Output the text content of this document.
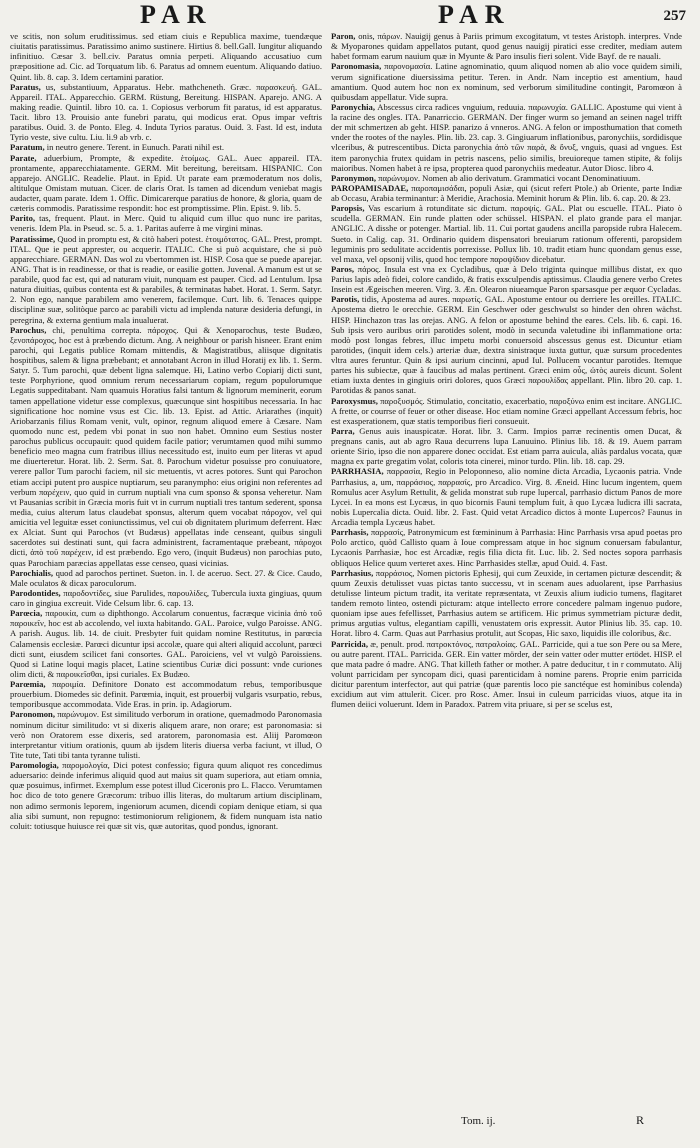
PAR	PAR	257

ve scitis, non solum eruditissimus. sed etiam ciuis e Republica maxime, tuendæque ciuitatis paratissimus. Paratissimo animo sustinere. Hirtius 8. bell.Gall. Iungitur aliquando infinitiuo. Cæsar 3. bell.civ. Paratus omnia perpeti. Aliquando accusatiuo cum præpositione ad. Cic. ad Torquatum lib. 6. Paratus ad omnem euentum. Aliquando datiuo. Quint. lib. 8. cap. 3. Idem certamini paratior.

Paratus, us, substantiuum, Apparatus. Hebr. mathcheneth. Græc. παρασκευή. GAL. Appareil. ITAL. Apparecchio. GERM. Rüstung, Bereitung. HISPAN. Aparejo. ANG. A making readie. Quintil. libro 10. ca. 1. Copiosus verborum fit paratus, id est apparatus. Tacit. libro 13. Prouisio ante funebri paratu, qui modicus erat. Opus impar veftris paratibus. Ouid. 3. de Ponto. Eleg. 4. Induta Tyrios paratus. Ouid. 3. Fast. Id est, induta Tyrio veste, sive cultu. Liu. li.9 ab vrb. c.

Paratum, in neutro genere. Terent. in Eunuch. Parati nihil est.

Parate, aduerbium, Prompte, & expedite. ἑτοίμως. GAL. Auec appareil. ITA. prontamente, apparecchiatamente. GERM. Mit bereitung, bereitsam. HISPANIC. Con apparejo. ANGLIC. Readelie. Plaut. in Epid. Ut parate eam præmoderatum nos dolis, altitulque Omistam mutuan. Cicer. de claris Orat. Is tamen ad dicendum veniebat magis audacter, quam parate. Idem 1. Offic. Dimicarerque paratius de honore, & gloria, quam de cæteris commodis. Paratissime respondit: hoc est promptissime. Plin. Epist. 9. lib. 5.

Parito, tas, frequent. Plaut. in Merc. Quid tu aliquid cum illuc quo nunc ire paritas, veneris. Idem Pla. in Pseud. sc. 5. a. 1. Paritas auferre à me virgini minas.

Paratissime, Quod in promptu est, & citò haberi potest. ἑτοιμότατος. GAL. Prest, prompt. ITAL. Que ie peut apprester, ou acquerir. ITALIC. Che si può acquistare, che si può apparecchiare. GERMAN. Das wol zu vbertommen ist. HISP. Cosa que se puede aparejar. ANG. That is in readinesse, or that is readie, or easilie gotten. Juvenal. A manum est ut se parabile, quod fac est, qui ad naturam viuit, nunquam est pauper. Cicd. ad Lentulum. Ipsa natura diuitias, quibus contenta est & parabiles, & terminatas habet. Horat. 1. Serm. Satyr. 2. Non ego, nanque parabilem amo venerem, facilemque. Curt. lib. 6. Tenaces quippe disciplinæ suæ, solitòque parco ac parabili victu ad implenda naturæ desideria defungi, in peregrina, & externa gentium mala inualuerat.

Parochus, chi, penultima correpta. πάροχος. Qui & Xenoparochus, teste Budæo, ξενοπάροχος, hoc est à præbendo dictum. Ang. A neighbour or parish hisneer. Erant enim parochi, qui Legatis publice Romam mittendis, & Magistratibus, aliisque dignitatis hospitibus, salem & ligna præbebant; et annotabant Acron in illud Horatij ex lib. 1. Serm. Satyr. 5. Tum parochi, quæ debent ligna salemque. Hi, Latino verbo Copiarij dicti sunt, teste Porphyrione, quod omnium rerum necessariarum copiam, regum populorumque Legatis suppeditabant. Nam quamuis Horatius falsi tantum & lignorum meminerit, eorum tamen appellatione videtur esse complexus, quæcunque sint hospitibus necessaria. In hac significatione hoc nomine vsus est Cic. lib. 13. Epist. ad Attic. Ariarathes (inquit) Ariobarzanis filius Romam venit, vult, opinor, regnum aliquod emere à Cæsare. Nam quomodo nunc est, pedem vbi ponat in suo non habet. Omnino eum Sestius noster parochus publicus occupauit: quod quidem facile patior; verumtamen quod mihi summo beneficio meo magna cum fratribus illius necessitudo est, inuito eum per literas vt apud me diuerteretur. Horat. lib. 2. Serm. Sat. 8. Parochum videtur posuisse pro conuiuatore, verere pallor Tum parochi faciem, nil sic metuentis, vt acres potores. Sunt qui Parochon etiam accipi putent pro auspice nuptiarum, seu paranympho: eius origini non referentes ad verbum παρέχειν, quo quid in currum nuptiali vna cum sponso & sponsa veheretur. Nam vt Pausanias scribit in Græcia moris fuit vt in currum nuptiali tres tantum sederent, sponsa media, cuius alterum latus claudebat sponsus, alterum quem vocabat πάροχον, vel qui amicitia vel leguitæ esset coniunctissimus, vel cui ob dignitatem plurimum deferrent. Hæc ex Alciat. Sunt qui Parochos (vt Budæus) appellatas inde censeant, quibus singuli sacerdotes sui destinati sunt, qui facra administrent, facramentaque præbeant, πάροχοι dicti, ἀπὸ τοῦ παρέχειν, id est præbendo. Ego vero, (inquit Budæus) non parochias puto, quas Parochiam paræcias appellatas esse censeo, quasi vicinias.

Parochialis, quod ad parochos pertinet. Sueton. in. l. de aceruo. Sect. 27. & Cice. Caudo, Male oculatos & dicax paroculorum.

Parodontides, παροδοντίδες, siue Parulides, παρουλίδες, Tubercula iuxta gingiuas, quum caro in gingiua excreuit. Vide Celsum libr. 6. cap. 13.

Parœcia, παροικία, cum ω diphthongo. Accolarum conuentus, facræque vicinia ἀπὸ τοῦ παροικεῖν, hoc est ab accolendo, vel iuxta habitando. GAL. Paroice, vulgo Paroisse. ANG. A parish. Augus. lib. 14. de ciuit. Presbyter fuit quidam nomine Restitutus, in parœcia Calamensis ecclesiæ. Parœci dicuntur ipsi accolæ, quare qui alteri aliquid accolunt, parœci dicti sunt, eiusdem scilicet fani consortes. GAL. Paroiciens, vel vt vulgò Paroissiens. Quod si Latine loqui magis placet, Latine scientibus Curiæ dici possunt: vnde curiones olim dicti, & παροικεῖσθαι, ipsi curiales. Ex Budæo.

Parœmia, παροιμία. Definitore Donato est accommodatum rebus, temporibusque prouerbium. Diomedes sic definit. Parœmia, inquit, est prouerbij vulgaris vsurpatio, rebus, temporibusque accommodata. Vide Eras. in prin. ip. Adagiorum.

Paronomon, παρώνυμον. Est similitudo verborum in oratione, quemadmodo Paronomasia nominum dicitur similitudo: vt si dixeris aliquem arare, non orare; est paronomasia: si verò non Oratorem esse dixeris, sed aratorem, paronomasia est. Aliij Paromœon interpretantur vitium orationis, quum ab ijsdem literis diuersa verba faciunt, vt illud, O Tite tute, Tati tibi tanta tyranne tulisti.

Paromologia, παρομολογία, Dici potest confessio; figura quum aliquot res concedimus aduersario: deinde inferimus aliquid quod aut maius sit quam superiora, aut etiam omnia, quæ posuimus, infirmet. Exemplum esse potest illud Ciceronis pro L. Flacco. Verumtamen hoc dico de toto genere Græcorum: tribuo illis literas, do multarum artium disciplinam, non adimo sermonis leporem, ingeniorum acumen, dicendi copiam denique etiam, si qua alia sibi sumunt, non repugno: testimoniorum religionem, & fidem nunquam ista natio coluit: totiusque huiusce rei quæ sit vis, quæ autoritas, quod pondus, ignorant.

Paron, onis, πάρων. Nauigij genus à Pariis primum excogitatum, vt testes Aristoph. interpres. Vnde & Myoparones quidam appellatos putant, quod genus nauigij piratici esse crediter, mediam autem habet formam earum nauium quæ in Myunte & Paro insulis fieri solent. Vide Bayf. de re nauali.

Paronomasia, παρονομασία. Latine agnominatio, quum aliquod nomen ab alio voce quidem simili, verum significatione diuersissima petitur. Teren. in Andr. Nam inceptio est amentium, haud amantium. Quod autem hoc non ex nominum, sed verborum similitudine contingit, Paromœon à quibusdam appellatur. Vide supra.

Paronychia, Abscessus circa radices vnguium, reduuia. παρωνυχία. GALLIC. Apostume qui vient à la racine des ongles. ITA. Panarriccio. GERMAN. Der finger wurm so jemand an seinen nagel trifft der mit schmertzen ab geht. HISP. panarizo á vnneros. ANG. A felon or imposthumation that cometh vnder the rootes of the nayles. Plin. lib. 23. cap. 3. Gingiuarum inflationibus, paronychiis, sordidisque vlceribus, & putrescentibus. Dicta paronychia ἀπὸ τῶν παρὰ, & ὄνυξ, vnguis, quasi ad vngues. Est item paronychia frutex quidam in petris nascens, pelio similis, breuioreque tamen stipite, & folijs maioribus. Nomen habet à re ipsa, propterea quod paronychiis medeatur. Autor Diosc. libro 4.

Paronymon, παρώνυμον. Nomen ab alio derivatum. Grammatici vocant Denominatiuum.

PAROPAMISADAE, παροπαμισάδαι, populi Asiæ, qui (sicut refert Ptole.) ab Oriente, parte Indiæ ab Occasu, Arabia terminantur: à Meridie, Arachosia. Meminit horum & Plin. lib. 6. cap. 20. & 23.

Paropsis, Vas escarium à rotunditate sic dictum. παροψίς. GAL. Plat ou escuelle. ITAL. Piato ò scudella. GERMAN. Ein runde platten oder schüssel. HISPAN. el plato grande para el manjar. ANGLIC. A disshe or potenger. Martial. lib. 11. Cui portat gaudens ancilla paropside rubra Halecem. Sueto. in Calig. cap. 31. Ordinario quidem dispensatori breuiarum rationum offerenti, paropsidem leguminis pro sedulitate accidentis porrexisse. Pollux lib. 10. tradit etiam hunc quondam genus esse, vel maxa, vel opsonij vilis, quod hoc tempore παροψίδιον dicebatur.

Paros, πάρος. Insula est vna ex Cycladibus, quæ à Delo triginta quinque millibus distat, ex quo Parius lapis adeò fidei, colore candido, & fratis exsculpendis aptissimus. Claudia genere verbo Cretes Insein est Ægeischen meeren. Virg. 3. Æn. Olearon niueamque Paron sparsasque per æquor Cycladas.

Parotis, tidis, Apostema ad aures. παρωτίς. GAL. Apostume entour ou derriere les oreilles. ITALIC. Apostema dietro le orecchie. GERM. Ein Geschwer oder geschwulst so hinder den ohren wächst. HISP. Hinchazon tras las orejas. ANG. A felon or apostume behind the eares. Cels. lib. 6. capi. 16. Sub ipsis vero auribus oriri parotides solent, modò in secunda valetudine ibi inflammatione orta: modò post longas febres, illuc impetu morbi conuersoid abscessus genus est. Dicuntur etiam parotides, (inquit idem cels.) arteriæ duæ, dextra sinistraque iuxta guttur, quæ sursum procedentes vltra aures feruntur. Quin & ipsi aurium cincinni, apud Iul. Pollucem vocantur parotides. Itemque partes his subiectæ, quæ à faucibus ad malas pertinent. Græci enim οὖς, ὠτὸς aureis dicunt. Solent etiam iuxta dentes in gingiuis oriri dolores, quos Græci παρουλίδας appellant. Plin. libro 20. cap. 1. Parotidas & panos sanat.

Paroxysmus, παροξυσμός. Stimulatio, concitatio, exacerbatio, παροξύνω enim est incitare. ANGLIC. A frette, or courrse of feuer or other disease. Hoc etiam nomine Græci appellant Accessum febris, hoc est exasperationem, quæ statis temporibus fieri consueuit.

Parra, Genus auis inauspicatæ. Horat. libr. 3. Carm. Impios parræ recinentis omen Ducat, & pregnans canis, aut ab agro Raua decurrens lupa Lanuuino. Plinius lib. 18. & 19. Auem parram oriente Sirio, ipso die non apparere donec occidat. Est etiam parra auicula, aliàs pardalus vocata, quæ magna ex parte gregatim volat, coloris tota cinerei, minor turdo. Plin. lib. 18. cap. 29.

PARRHASIA, παρρασία, Regio in Peloponneso, alio nomine dicta Arcadia, Lycaonis patria. Vnde Parrhasius, a, um, παρράσιος, παρρασίς, pro Arcadico. Virg. 8. Æneid. Hinc lucum ingentem, quem Romulus acer Asylum Rettulit, & gelida monstrat sub rupe lupercal, parrhasio dictum Panos de more Lycei. In ea mons est Lycæus, in quo bicornis Fauni templum fuit, à quo Lycæa ludicra illi sacrata, nobis Lupercalia dicta. Ouid. libr. 2. Fast. Quid vetat Arcadico dictos à monte Lupercos? Faunus in Arcadia templa Lycæus habet.

Parrhasis, παρρασίς, Patronymicum est fœmininum à Parrhasia: Hinc Parrhasis vrsa apud poetas pro Polo arctico, quòd Callisto quam à Ioue compressam atque in hoc signum conuersam fabulantur, Lycaonis Parrhasiæ, hoc est Arcadiæ, regis filia dicta fit. Luc. lib. 2. Sed noctes sopora parrhasis obliquos Helice quum verteret axes. Hinc Parrhasides stellæ, apud Ouid. 4. Fast.

Parrhasius, παρράσιος, Nomen pictoris Ephesij, qui cum Zeuxide, in certamen picturæ descendit; & quum Zeuxis detulisset vuas pictas tanto successu, vt in scenam aues aduolarent, ipse Parrhasius detulisse linteum pictum tradit, ita veritate repræsentata, vt Zeuxis alium iudicio tumens, flagitaret tandem remoto linteo, ostendi picturam: atque intellecto errore concedere palmam ingenuo pudore, quoniam ipse aues fefellisset, Parrhasius autem se artificem. Hic primus symmetriam picturæ dedit, primus argutias vultus, elegantiam capilli, venustatem oris expressit. Autor Plinius lib. 35. cap. 10. Horat. libro 4. Carm. Quas aut Parrhasius protulit, aut Scopas, Hic saxo, liquidis ille coloribus, &c.

Parricida, æ, penult. prod. πατροκτόνος, πατραλοίας. GAL. Parricide, qui a tue son Pere ou sa Mere, ou autre parent. ITAL. Parricida. GER. Ein vatter mörder, der sein vatter oder mutter ertödet. HISP. el que mata padre ó madre. ANG. That killeth father or mother. A patre deducitur, t in r commutato. Alij volunt parricidam per syncopam dici, quasi parenticidam à nomine parens. Proprie enim parricida dicitur parentum interfector, aut qui patriæ (quæ parentis loco pie sanctéque est hominibus colenda) excidium aut vim attulerit. Cicer. pro Rosc. Amer. Insui in culeum parricidas viuos, atque ita in flumen deiici voluerunt. Idem in Paradox. Patrem vita priuare, si per se scelus est,

Tom. ij.	R
